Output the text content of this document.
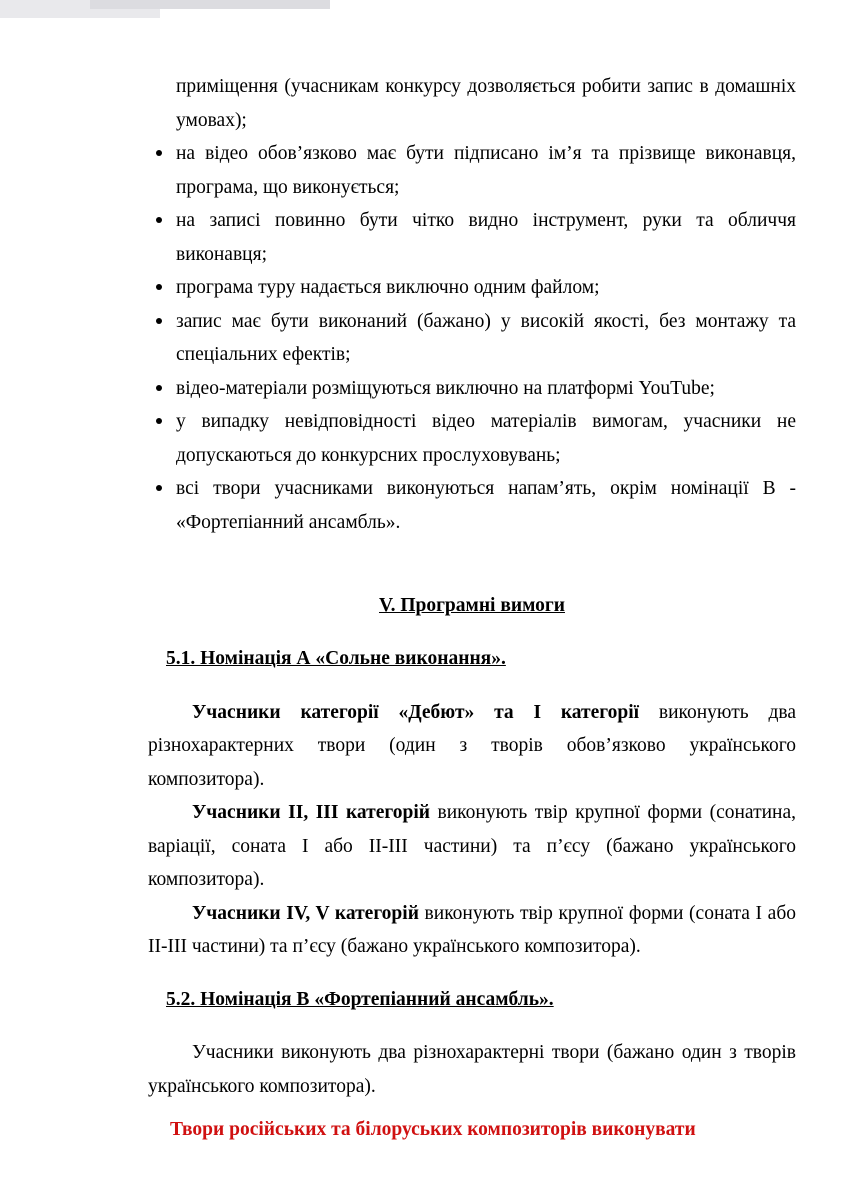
приміщення (учасникам конкурсу дозволяється робити запис в домашніх умовах);

на відео обов’язково має бути підписано ім’я та прізвище виконавця, програма, що виконується;
на записі повинно бути чітко видно інструмент, руки та обличчя виконавця;
програма туру надається виключно одним файлом;
запис має бути виконаний (бажано) у високій якості, без монтажу та спеціальних ефектів;
відео-матеріали розміщуються виключно на платформі YouTube;
у випадку невідповідності відео матеріалів вимогам, учасники не допускаються до конкурсних прослуховувань;
всі твори учасниками виконуються напам’ять, окрім номінації В - «Фортепіанний ансамбль».

V. Програмні вимоги

5.1. Номінація А «Сольне виконання».

Учасники категорії «Дебют» та I категорії виконують два різнохарактерних твори (один з творів обов’язково українського композитора).

Учасники II, III категорій виконують твір крупної форми (сонатина, варіації, соната I або II-III частини) та п’єсу (бажано українського композитора).

Учасники IV, V категорій виконують твір крупної форми (соната I або II-III частини) та п’єсу (бажано українського композитора).

5.2. Номінація В «Фортепіанний ансамбль».

Учасники виконують два різнохарактерні твори (бажано один з творів українського композитора).

Твори російських та білоруських композиторів виконувати
